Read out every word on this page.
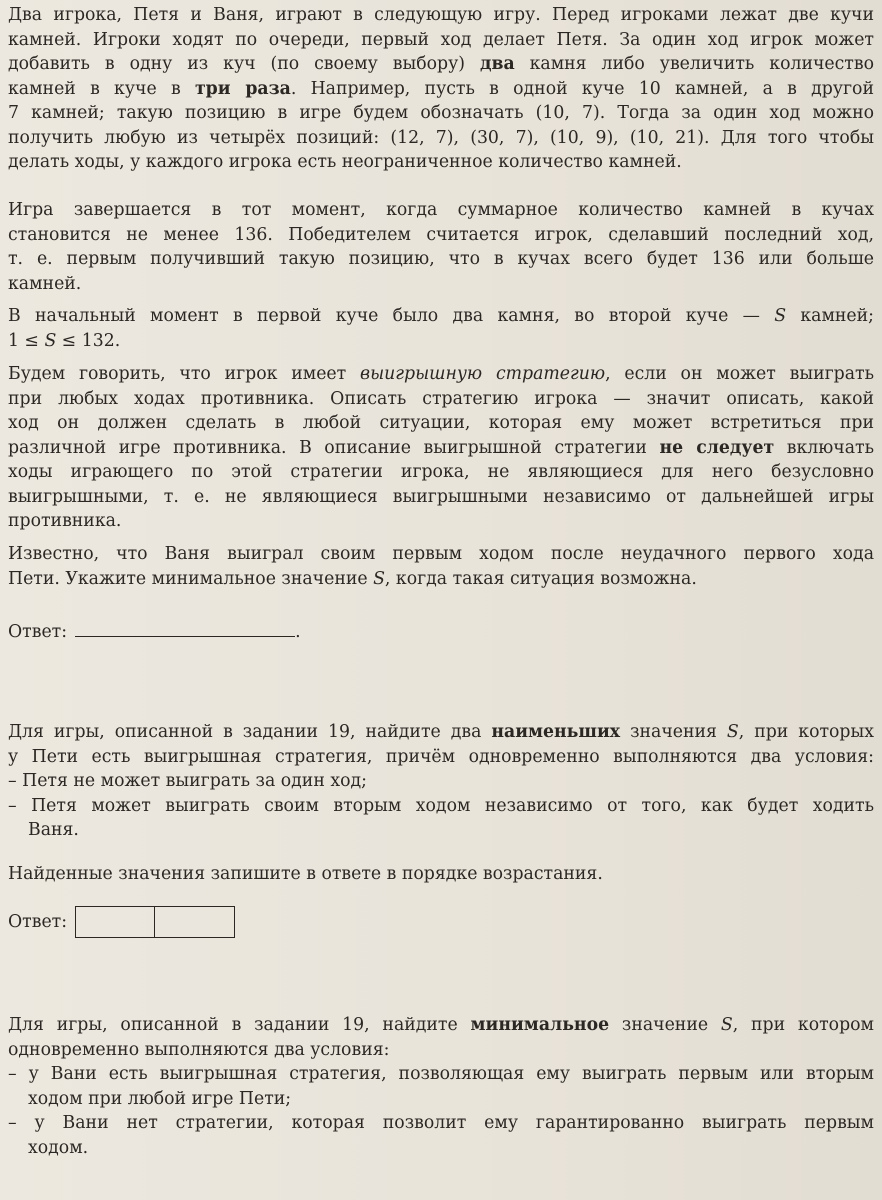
Два игрока, Петя и Ваня, играют в следующую игру. Перед игроками лежат две кучи
камней. Игроки ходят по очереди, первый ход делает Петя. За один ход игрок может
добавить в одну из куч (по своему выбору) два камня либо увеличить количество
камней в куче в три раза. Например, пусть в одной куче 10 камней, а в другой
7 камней; такую позицию в игре будем обозначать (10, 7). Тогда за один ход можно
получить любую из четырёх позиций: (12, 7), (30, 7), (10, 9), (10, 21). Для того чтобы
делать ходы, у каждого игрока есть неограниченное количество камней.

Игра завершается в тот момент, когда суммарное количество камней в кучах
становится не менее 136. Победителем считается игрок, сделавший последний ход,
т. е. первым получивший такую позицию, что в кучах всего будет 136 или больше
камней.

В начальный момент в первой куче было два камня, во второй куче — S камней;
1 ≤ S ≤ 132.

Будем говорить, что игрок имеет выигрышную стратегию, если он может выиграть
при любых ходах противника. Описать стратегию игрока — значит описать, какой
ход он должен сделать в любой ситуации, которая ему может встретиться при
различной игре противника. В описание выигрышной стратегии не следует включать
ходы играющего по этой стратегии игрока, не являющиеся для него безусловно
выигрышными, т. е. не являющиеся выигрышными независимо от дальнейшей игры
противника.

Известно, что Ваня выиграл своим первым ходом после неудачного первого хода
Пети. Укажите минимальное значение S, когда такая ситуация возможна.

Ответ:	.

Для игры, описанной в задании 19, найдите два наименьших значения S, при которых
у Пети есть выигрышная стратегия, причём одновременно выполняются два условия:
– Петя не может выиграть за один ход;
– Петя может выиграть своим вторым ходом независимо от того, как будет ходить
Ваня.

Найденные значения запишите в ответе в порядке возрастания.

Ответ:

Для игры, описанной в задании 19, найдите минимальное значение S, при котором
одновременно выполняются два условия:
– у Вани есть выигрышная стратегия, позволяющая ему выиграть первым или вторым
ходом при любой игре Пети;
– у Вани нет стратегии, которая позволит ему гарантированно выиграть первым
ходом.
